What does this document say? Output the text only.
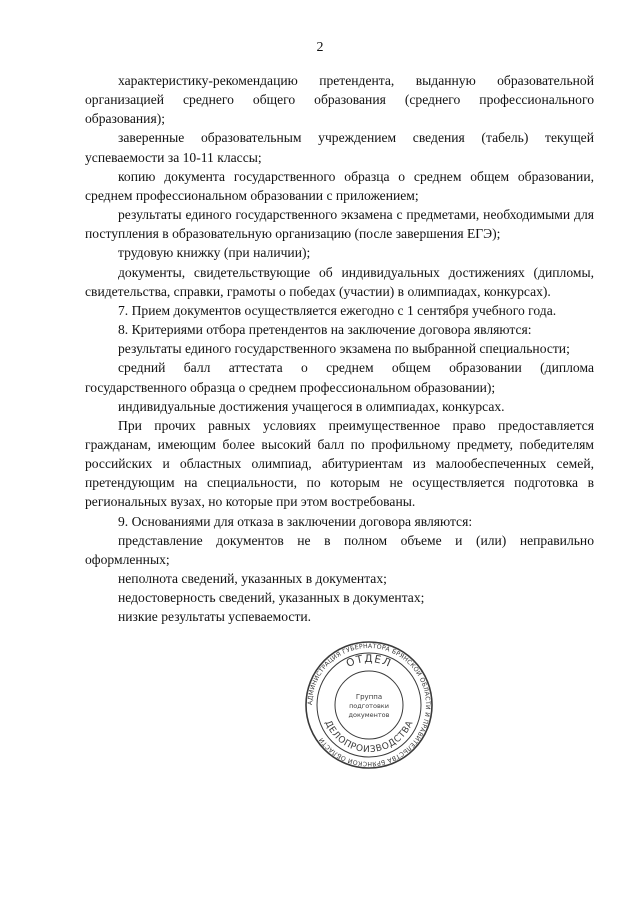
2

характеристику-рекомендацию претендента, выданную образовательной организацией среднего общего образования (среднего профессионального образования);

заверенные образовательным учреждением сведения (табель) текущей успеваемости за 10-11 классы;

копию документа государственного образца о среднем общем образовании, среднем профессиональном образовании с приложением;

результаты единого государственного экзамена с предметами, необходимыми для поступления в образовательную организацию (после завершения ЕГЭ);

трудовую книжку (при наличии);

документы, свидетельствующие об индивидуальных достижениях (дипломы, свидетельства, справки, грамоты о победах (участии) в олимпиадах, конкурсах).

7. Прием документов осуществляется ежегодно с 1 сентября учебного года.

8. Критериями отбора претендентов на заключение договора являются:

результаты единого государственного экзамена по выбранной специальности;

средний балл аттестата о среднем общем образовании (диплома государственного образца о среднем профессиональном образовании);

индивидуальные достижения учащегося в олимпиадах, конкурсах.

При прочих равных условиях преимущественное право предоставляется гражданам, имеющим более высокий балл по профильному предмету, победителям российских и областных олимпиад, абитуриентам из малообеспеченных семей, претендующим на специальности, по которым не осуществляется подготовка в региональных вузах, но которые при этом востребованы.

9. Основаниями для отказа в заключении договора являются:

представление документов не в полном объеме и (или) неправильно оформленных;

неполнота сведений, указанных в документах;

недостоверность сведений, указанных в документах;

низкие результаты успеваемости.

АДМИНИСТРАЦИЯ ГУБЕРНАТОРА БРЯНСКОЙ ОБЛАСТИ И ПРАВИТЕЛЬСТВА БРЯНСКОЙ ОБЛАСТИ
ОТДЕЛ
ДЕЛОПРОИЗВОДСТВА
Группа
подготовки
документов
